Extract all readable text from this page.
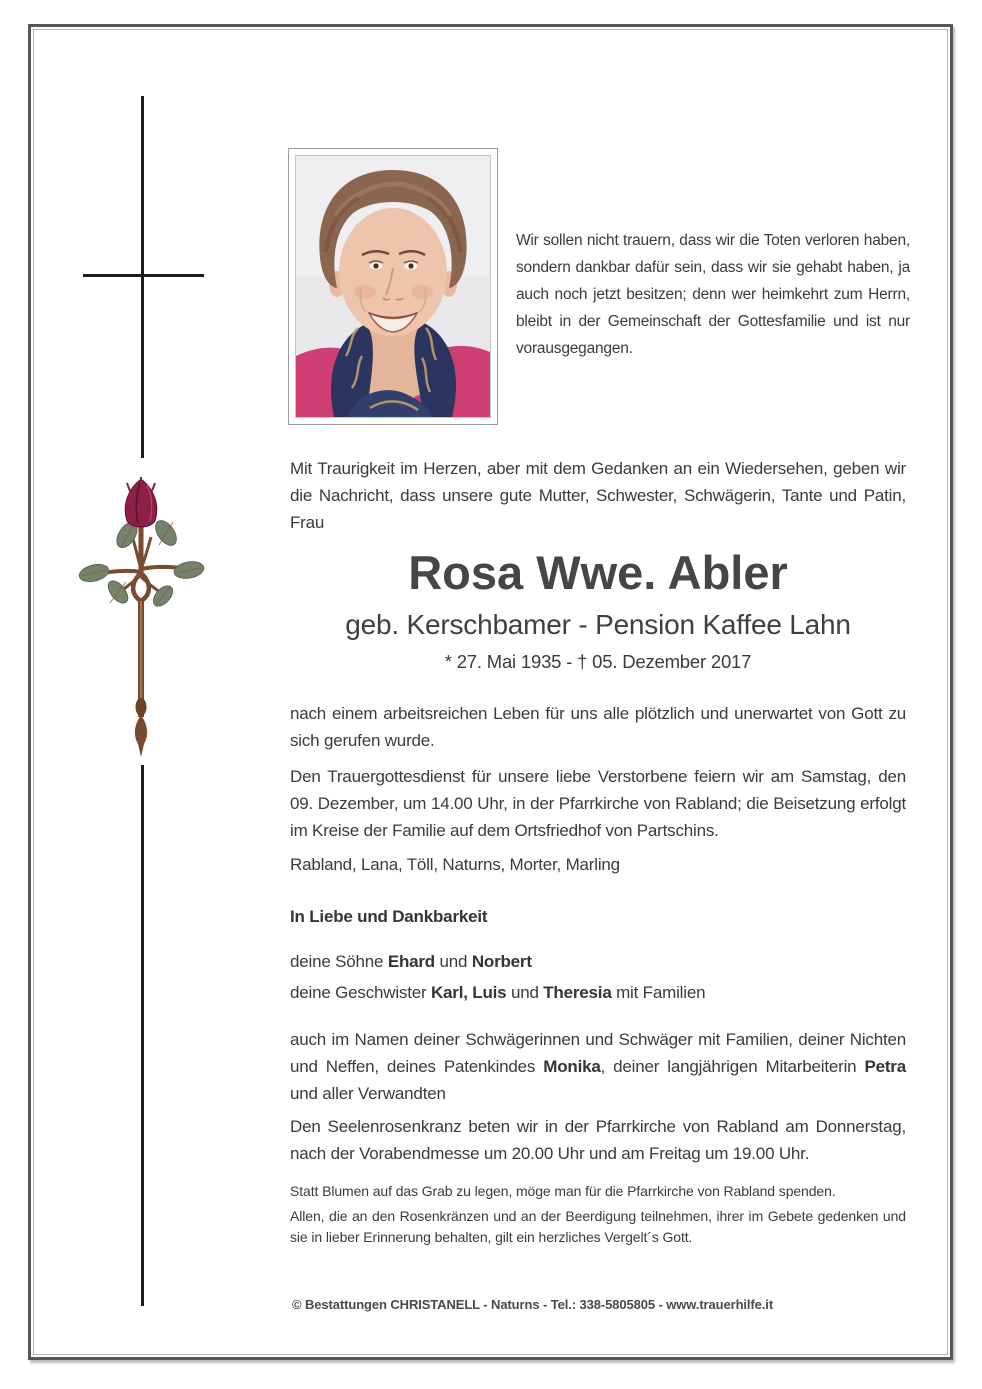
Wir sollen nicht trauern, dass wir die Toten verloren haben, sondern dankbar dafür sein, dass wir sie gehabt haben, ja auch noch jetzt besitzen; denn wer heimkehrt zum Herrn, bleibt in der Gemeinschaft der Gottesfamilie und ist nur vorausgegangen.

Mit Traurigkeit im Herzen, aber mit dem Gedanken an ein Wiedersehen, geben wir die Nachricht, dass unsere gute Mutter, Schwester, Schwägerin, Tante und Patin, Frau

Rosa Wwe. Abler

geb. Kerschbamer - Pension Kaffee Lahn

* 27. Mai 1935 - † 05. Dezember 2017

nach einem arbeitsreichen Leben für uns alle plötzlich und unerwartet von Gott zu sich gerufen wurde.

Den Trauergottesdienst für unsere liebe Verstorbene feiern wir am Samstag, den 09. Dezember, um 14.00 Uhr, in der Pfarrkirche von Rabland; die Beisetzung erfolgt im Kreise der Familie auf dem Ortsfriedhof von Partschins.

Rabland, Lana, Töll, Naturns, Morter, Marling

In Liebe und Dankbarkeit

deine Söhne Ehard und Norbert

deine Geschwister Karl, Luis und Theresia mit Familien

auch im Namen deiner Schwägerinnen und Schwäger mit Familien, deiner Nichten und Neffen, deines Patenkindes Monika, deiner langjährigen Mitarbeiterin Petra und aller Verwandten

Den Seelenrosenkranz beten wir in der Pfarrkirche von Rabland am Donnerstag, nach der Vorabendmesse um 20.00 Uhr und am Freitag um 19.00 Uhr.

Statt Blumen auf das Grab zu legen, möge man für die Pfarrkirche von Rabland spenden.

Allen, die an den Rosenkränzen und an der Beerdigung teilnehmen, ihrer im Gebete gedenken und sie in lieber Erinnerung behalten, gilt ein herzliches Vergelt´s Gott.

© Bestattungen CHRISTANELL - Naturns - Tel.: 338-5805805 - www.trauerhilfe.it
